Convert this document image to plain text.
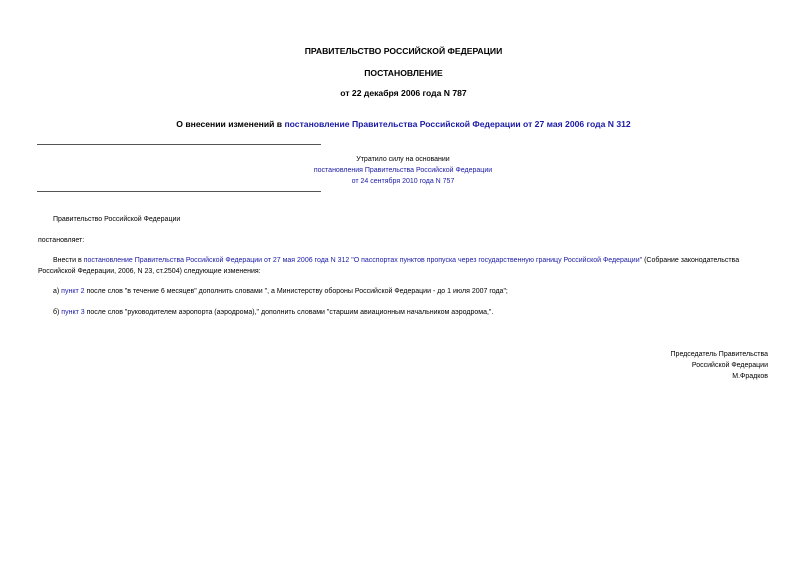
ПРАВИТЕЛЬСТВО РОССИЙСКОЙ ФЕДЕРАЦИИ
ПОСТАНОВЛЕНИЕ
от 22 декабря 2006 года N 787
О внесении изменений в постановление Правительства Российской Федерации от 27 мая 2006 года N 312
Утратило силу на основании
постановления Правительства Российской Федерации
от 24 сентября 2010 года N 757
Правительство Российской Федерации
постановляет:
Внести в постановление Правительства Российской Федерации от 27 мая 2006 года N 312 "О пасспортах пунктов пропуска через государственную границу Российской Федерации" (Собрание законодательства Российской Федерации, 2006, N 23, ст.2504) следующие изменения:
а) пункт 2 после слов "в течение 6 месяцев" дополнить словами ", а Министерству обороны Российской Федерации - до 1 июля 2007 года";
б) пункт 3 после слов "руководителем аэропорта (аэродрома)," дополнить словами "старшим авиационным начальником аэродрома,".
Председатель Правительства
Российской Федерации
М.Фрадков
